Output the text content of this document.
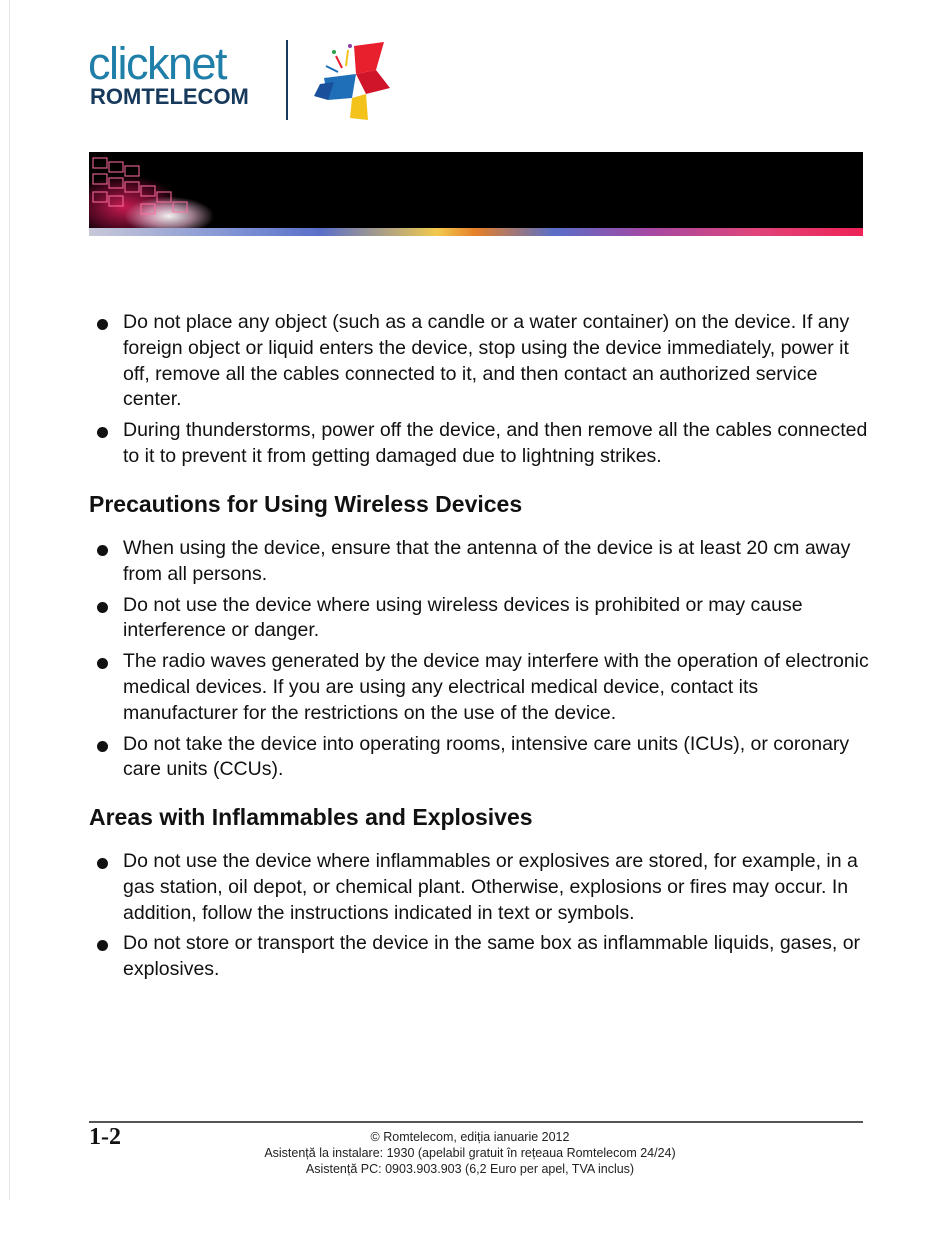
clicknet
ROMTELECOM
Do not place any object (such as a candle or a water container) on the device. If any foreign object or liquid enters the device, stop using the device immediately, power it off, remove all the cables connected to it, and then contact an authorized service center.
During thunderstorms, power off the device, and then remove all the cables connected to it to prevent it from getting damaged due to lightning strikes.
Precautions for Using Wireless Devices
When using the device, ensure that the antenna of the device is at least 20 cm away from all persons.
Do not use the device where using wireless devices is prohibited or may cause interference or danger.
The radio waves generated by the device may interfere with the operation of electronic medical devices. If you are using any electrical medical device, contact its manufacturer for the restrictions on the use of the device.
Do not take the device into operating rooms, intensive care units (ICUs), or coronary care units (CCUs).
Areas with Inflammables and Explosives
Do not use the device where inflammables or explosives are stored, for example, in a gas station, oil depot, or chemical plant. Otherwise, explosions or fires may occur. In addition, follow the instructions indicated in text or symbols.
Do not store or transport the device in the same box as inflammable liquids, gases, or explosives.
1-2	© Romtelecom, ediția ianuarie 2012
Asistență la instalare: 1930 (apelabil gratuit în rețeaua Romtelecom 24/24)
Asistență PC: 0903.903.903 (6,2 Euro per apel, TVA inclus)
